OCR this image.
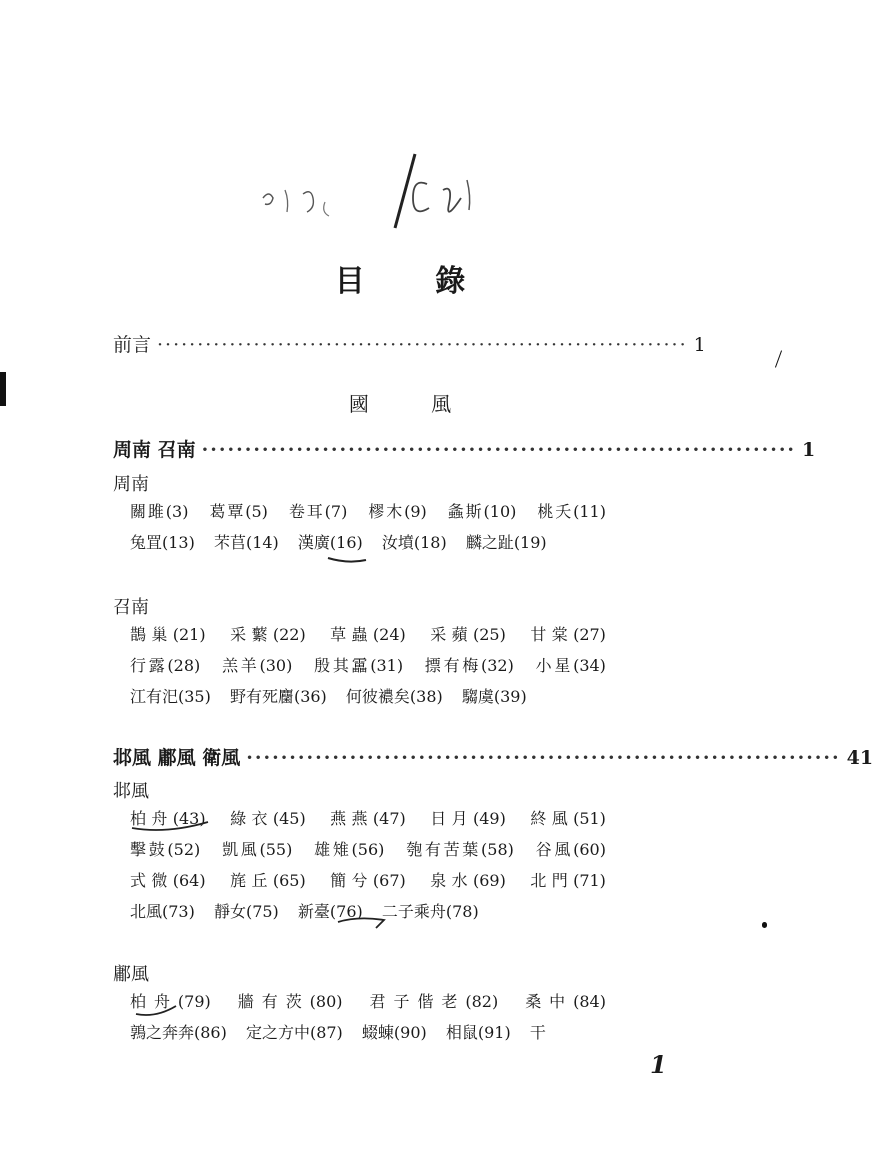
目 錄
前言 ·································································· 1
國	風
周南 召南 ····································································· 1
周南
關雎(3) 葛覃(5) 卷耳(7) 樛木(9) 螽斯(10) 桃夭(11) 兔罝(13) 芣苢(14) 漢廣(16) 汝墳(18) 麟之趾(19)
召南
鵲巢(21) 采蘩(22) 草蟲(24) 采蘋(25) 甘棠(27) 行露(28) 羔羊(30) 殷其靁(31) 摽有梅(32) 小星(34) 江有汜(35) 野有死麕(36) 何彼襛矣(38) 騶虞(39)
邶風 鄘風 衛風 ····································································· 41
邶風
柏舟(43) 綠衣(45) 燕燕(47) 日月(49) 終風(51) 擊鼓(52) 凱風(55) 雄雉(56) 匏有苦葉(58) 谷風(60) 式微(64) 旄丘(65) 簡兮(67) 泉水(69) 北門(71) 北風(73) 靜女(75) 新臺(76) 二子乘舟(78)
鄘風
柏舟(79) 牆有茨(80) 君子偕老(82) 桑中(84) 鶉之奔奔(86) 定之方中(87) 蝃蝀(90) 相鼠(91) 干
1
